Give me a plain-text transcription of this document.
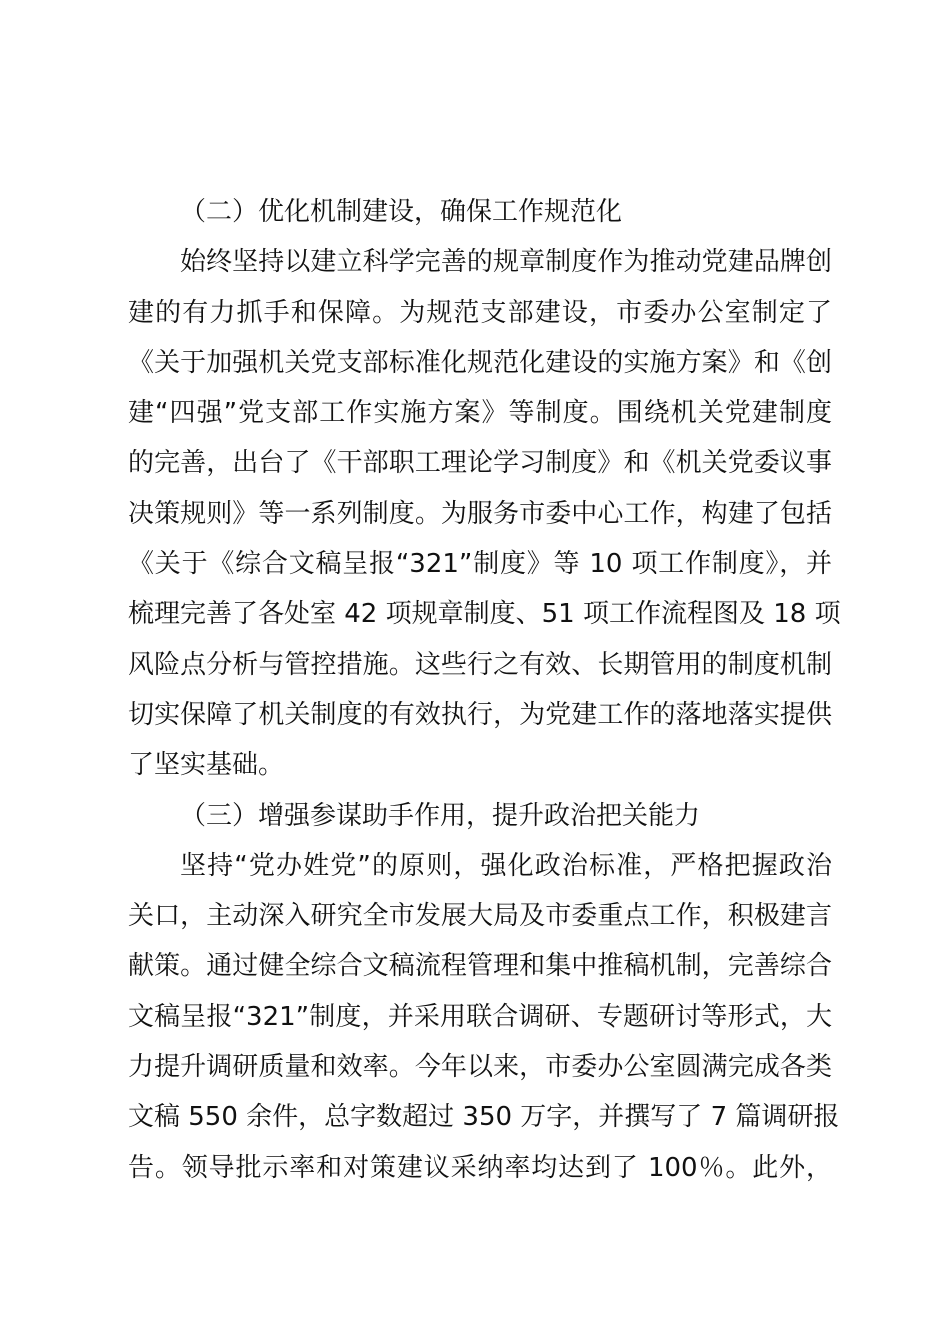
（二）优化机制建设，确保工作规范化
始终坚持以建立科学完善的规章制度作为推动党建品牌创
建的有力抓手和保障。为规范支部建设，市委办公室制定了
《关于加强机关党支部标准化规范化建设的实施方案》和《创
建“四强”党支部工作实施方案》等制度。围绕机关党建制度
的完善，出台了《干部职工理论学习制度》和《机关党委议事
决策规则》等一系列制度。为服务市委中心工作，构建了包括
《关于《综合文稿呈报“321”制度》等 10 项工作制度》，并
梳理完善了各处室 42 项规章制度、51 项工作流程图及 18 项
风险点分析与管控措施。这些行之有效、长期管用的制度机制
切实保障了机关制度的有效执行，为党建工作的落地落实提供
了坚实基础。
（三）增强参谋助手作用，提升政治把关能力
坚持“党办姓党”的原则，强化政治标准，严格把握政治
关口，主动深入研究全市发展大局及市委重点工作，积极建言
献策。通过健全综合文稿流程管理和集中推稿机制，完善综合
文稿呈报“321”制度，并采用联合调研、专题研讨等形式，大
力提升调研质量和效率。今年以来，市委办公室圆满完成各类
文稿 550 余件，总字数超过 350 万字，并撰写了 7 篇调研报
告。领导批示率和对策建议采纳率均达到了 100％。此外，
